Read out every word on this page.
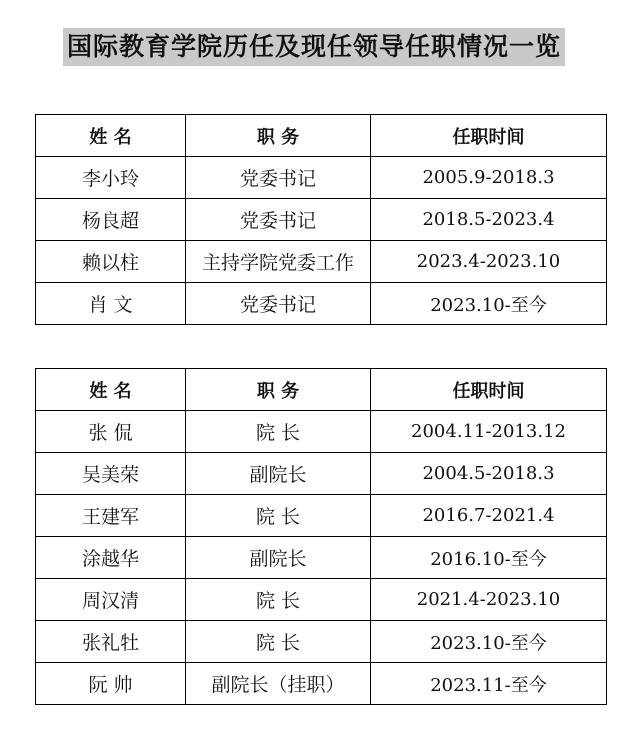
国际教育学院历任及现任领导任职情况一览
姓 名	职 务	任职时间
李小玲	党委书记	2005.9-2018.3
杨良超	党委书记	2018.5-2023.4
赖以柱	主持学院党委工作	2023.4-2023.10
肖 文	党委书记	2023.10-至今
姓 名	职 务	任职时间
张 侃	院 长	2004.11-2013.12
吴美荣	副院长	2004.5-2018.3
王建军	院 长	2016.7-2021.4
涂越华	副院长	2016.10-至今
周汉清	院 长	2021.4-2023.10
张礼牡	院 长	2023.10-至今
阮 帅	副院长（挂职）	2023.11-至今
